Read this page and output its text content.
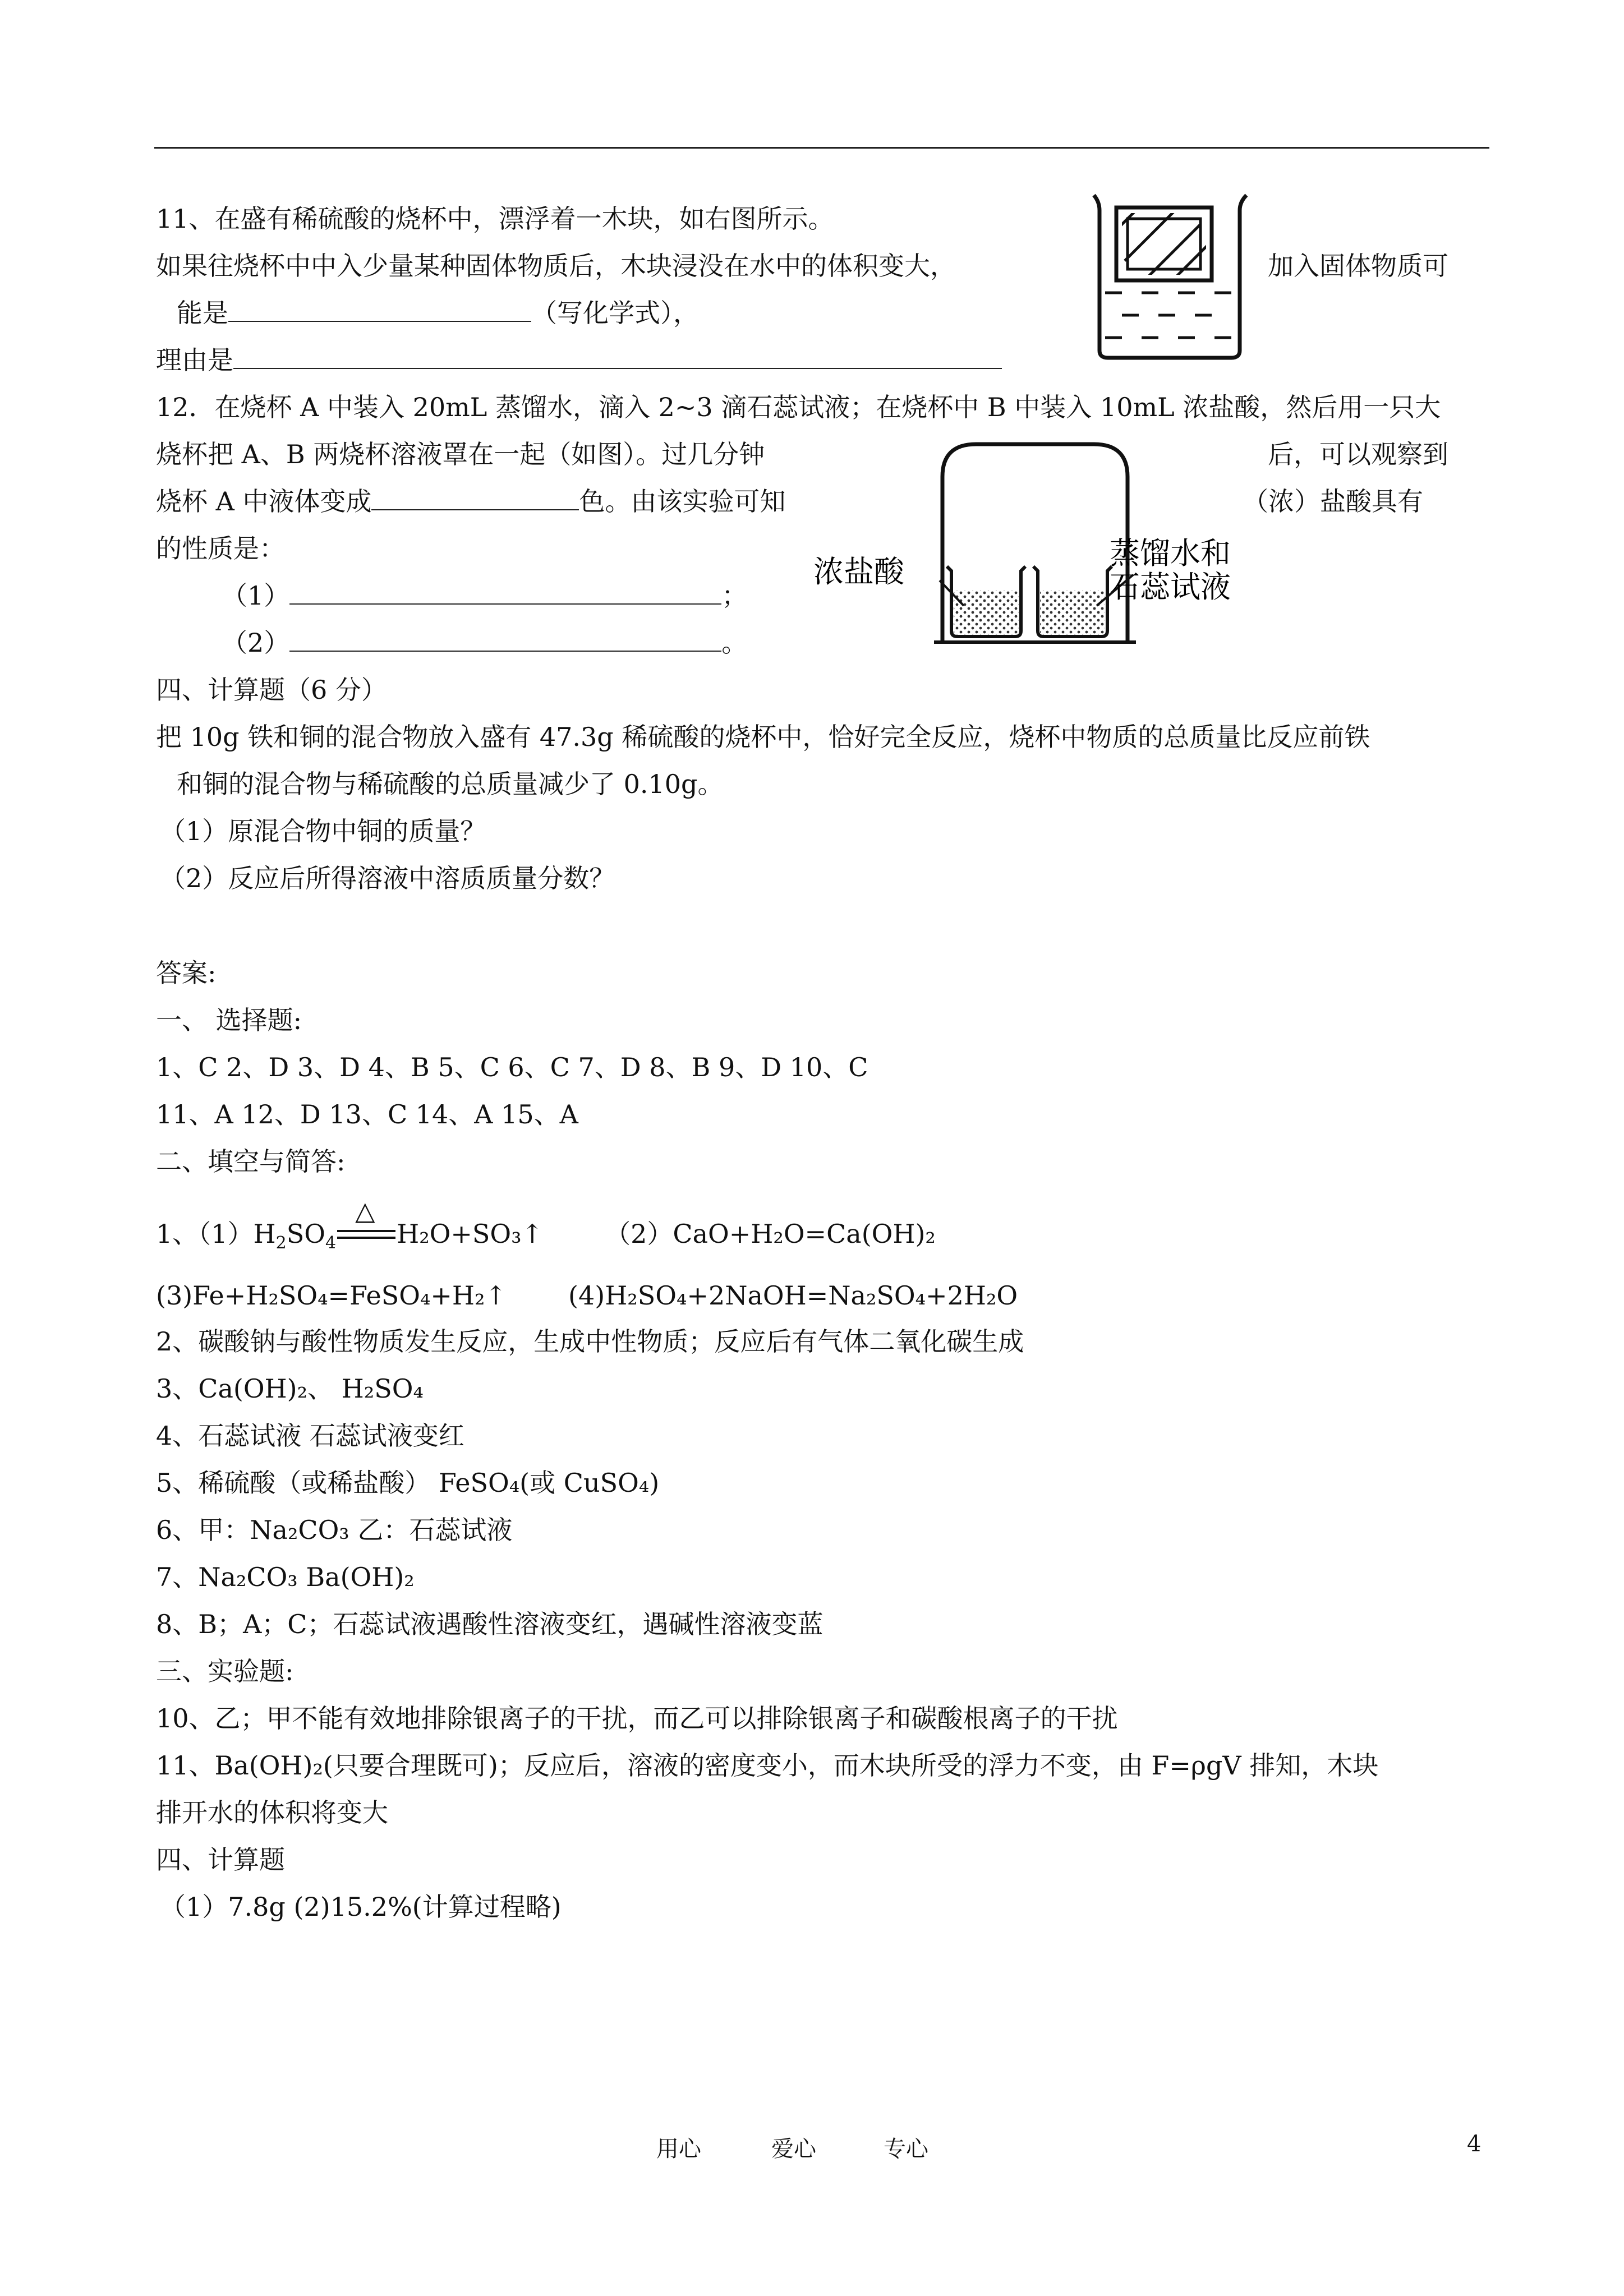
11、在盛有稀硫酸的烧杯中，漂浮着一木块，如右图所示。
如果往烧杯中中入少量某种固体物质后，木块浸没在水中的体积变大，	加入固体物质可
能是	（写化学式），
理由是
12．在烧杯 A 中装入 20mL 蒸馏水，滴入 2~3 滴石蕊试液；在烧杯中 B 中装入 10mL 浓盐酸，然后用一只大
烧杯把 A、B 两烧杯溶液罩在一起（如图）。过几分钟	后，可以观察到
烧杯 A 中液体变成	色。由该实验可知	（浓）盐酸具有
的性质是：
（1）	；
（2）	。
浓盐酸
蒸馏水和
石蕊试液
四、计算题（6 分）
把 10g 铁和铜的混合物放入盛有 47.3g 稀硫酸的烧杯中，恰好完全反应，烧杯中物质的总质量比反应前铁
和铜的混合物与稀硫酸的总质量减少了 0.10g。
（1）原混合物中铜的质量？
（2）反应后所得溶液中溶质质量分数？
答案:
一、 选择题:
1、C 2、D 3、D 4、B 5、C 6、C 7、D 8、B 9、D 10、C
11、A 12、D 13、C 14、A 15、A
二、填空与简答:
1、$(1)H_2SO_4$
△
H₂O+SO₃↑ （2）CaO+H₂O=Ca(OH)₂
(3)Fe+H₂SO₄=FeSO₄+H₂↑ (4)H₂SO₄+2NaOH=Na₂SO₄+2H₂O
2、碳酸钠与酸性物质发生反应，生成中性物质；反应后有气体二氧化碳生成
3、Ca(OH)₂、 H₂SO₄
4、石蕊试液 石蕊试液变红
5、稀硫酸（或稀盐酸） FeSO₄(或 CuSO₄)
6、甲：Na₂CO₃ 乙：石蕊试液
7、Na₂CO₃ Ba(OH)₂
8、B；A；C；石蕊试液遇酸性溶液变红，遇碱性溶液变蓝
三、实验题:
10、乙；甲不能有效地排除银离子的干扰，而乙可以排除银离子和碳酸根离子的干扰
11、Ba(OH)₂(只要合理既可)；反应后，溶液的密度变小，而木块所受的浮力不变，由 F=ρgV 排知，木块
排开水的体积将变大
四、计算题
（1）7.8g (2)15.2%(计算过程略)
用心	爱心	专心	4
